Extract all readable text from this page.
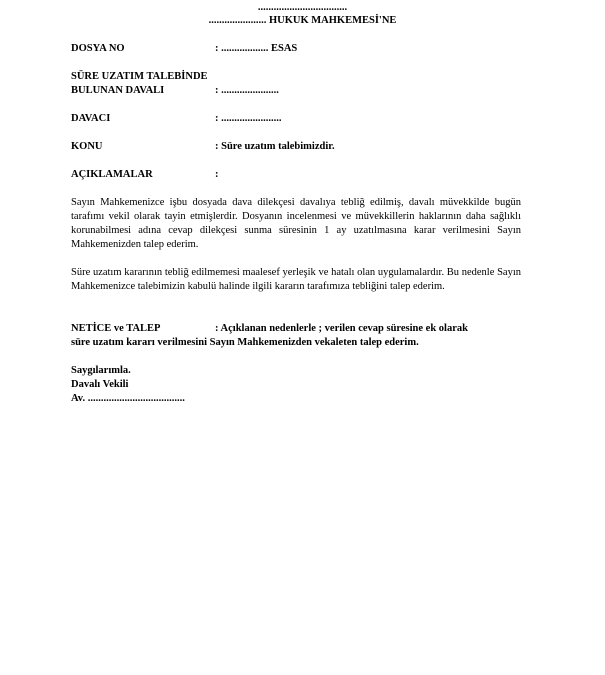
..................................
...................... HUKUK MAHKEMESİ'NE
DOSYA NO	: .................. ESAS
SÜRE UZATIM TALEBİNDE
BULUNAN DAVALI	: ......................
DAVACI	: .......................
KONU	: Süre uzatım talebimizdir.
AÇIKLAMALAR	:
Sayın Mahkemenizce işbu dosyada dava dilekçesi davalıya tebliğ edilmiş, davalı müvekkilde bugün tarafımı vekil olarak tayin etmişlerdir. Dosyanın incelenmesi ve müvekkillerin haklarının daha sağlıklı korunabilmesi adına cevap dilekçesi sunma süresinin 1 ay uzatılmasına karar verilmesini Sayın Mahkemenizden talep ederim.
Süre uzatım kararının tebliğ edilmemesi maalesef yerleşik ve hatalı olan uygulamalardır. Bu nedenle Sayın Mahkemenizce talebimizin kabulü halinde ilgili kararın tarafımıza tebliğini talep ederim.
NETİCE ve TALEP	: Açıklanan nedenlerle ; verilen cevap süresine ek olarak
süre uzatım kararı verilmesini Sayın Mahkemenizden vekaleten talep ederim.
Saygılarımla.
Davalı Vekili
Av. .....................................
